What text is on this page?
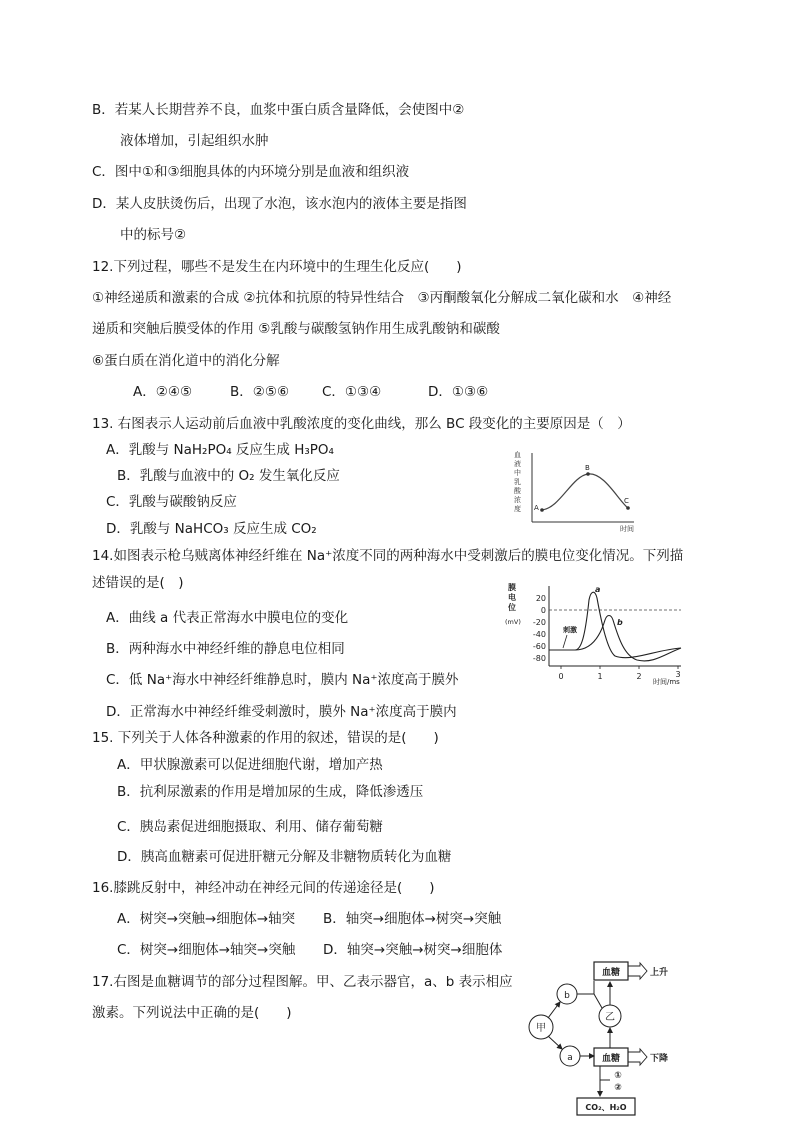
B．若某人长期营养不良，血浆中蛋白质含量降低，会使图中②
液体增加，引起组织水肿
C．图中①和③细胞具体的内环境分别是血液和组织液
D．某人皮肤烫伤后，出现了水泡，该水泡内的液体主要是指图
中的标号②
12.下列过程，哪些不是发生在内环境中的生理生化反应(　　)
①神经递质和激素的合成 ②抗体和抗原的特异性结合　③丙酮酸氧化分解成二氧化碳和水　④神经
递质和突触后膜受体的作用 ⑤乳酸与碳酸氢钠作用生成乳酸钠和碳酸
⑥蛋白质在消化道中的消化分解
A．②④⑤	B．②⑤⑥ C．①③④	D．①③⑥
13. 右图表示人运动前后血液中乳酸浓度的变化曲线，那么 BC 段变化的主要原因是（　）
A．乳酸与 NaH₂PO₄ 反应生成 H₃PO₄
B．乳酸与血液中的 O₂ 发生氧化反应
C．乳酸与碳酸钠反应
D．乳酸与 NaHCO₃ 反应生成 CO₂
血
液
中
乳
酸
浓
度 A
B
C
时间
14.如图表示枪乌贼离体神经纤维在 Na⁺浓度不同的两种海水中受刺激后的膜电位变化情况。下列描
述错误的是(　)
A．曲线 a 代表正常海水中膜电位的变化
B．两种海水中神经纤维的静息电位相同
C．低 Na⁺海水中神经纤维静息时，膜内 Na⁺浓度高于膜外
D．正常海水中神经纤维受刺激时，膜外 Na⁺浓度高于膜内
膜
电
位
(mV)
20
0
-20
-40
-60
-80
0	1	2	3
时间/ms
刺激
a
b
15. 下列关于人体各种激素的作用的叙述，错误的是(　　)
A．甲状腺激素可以促进细胞代谢，增加产热
B．抗利尿激素的作用是增加尿的生成，降低渗透压
C．胰岛素促进细胞摄取、利用、储存葡萄糖
D．胰高血糖素可促进肝糖元分解及非糖物质转化为血糖
16.膝跳反射中，神经冲动在神经元间的传递途径是(　　)
A．树突→突触→细胞体→轴突 B．轴突→细胞体→树突→突触
C．树突→细胞体→轴突→突触 D．轴突→突触→树突→细胞体
17.右图是血糖调节的部分过程图解。甲、乙表示器官，a、b 表示相应
激素。下列说法中正确的是(　　)
甲
b
a
乙
血糖
血糖
上升
下降
①
②
CO₂、H₂O
